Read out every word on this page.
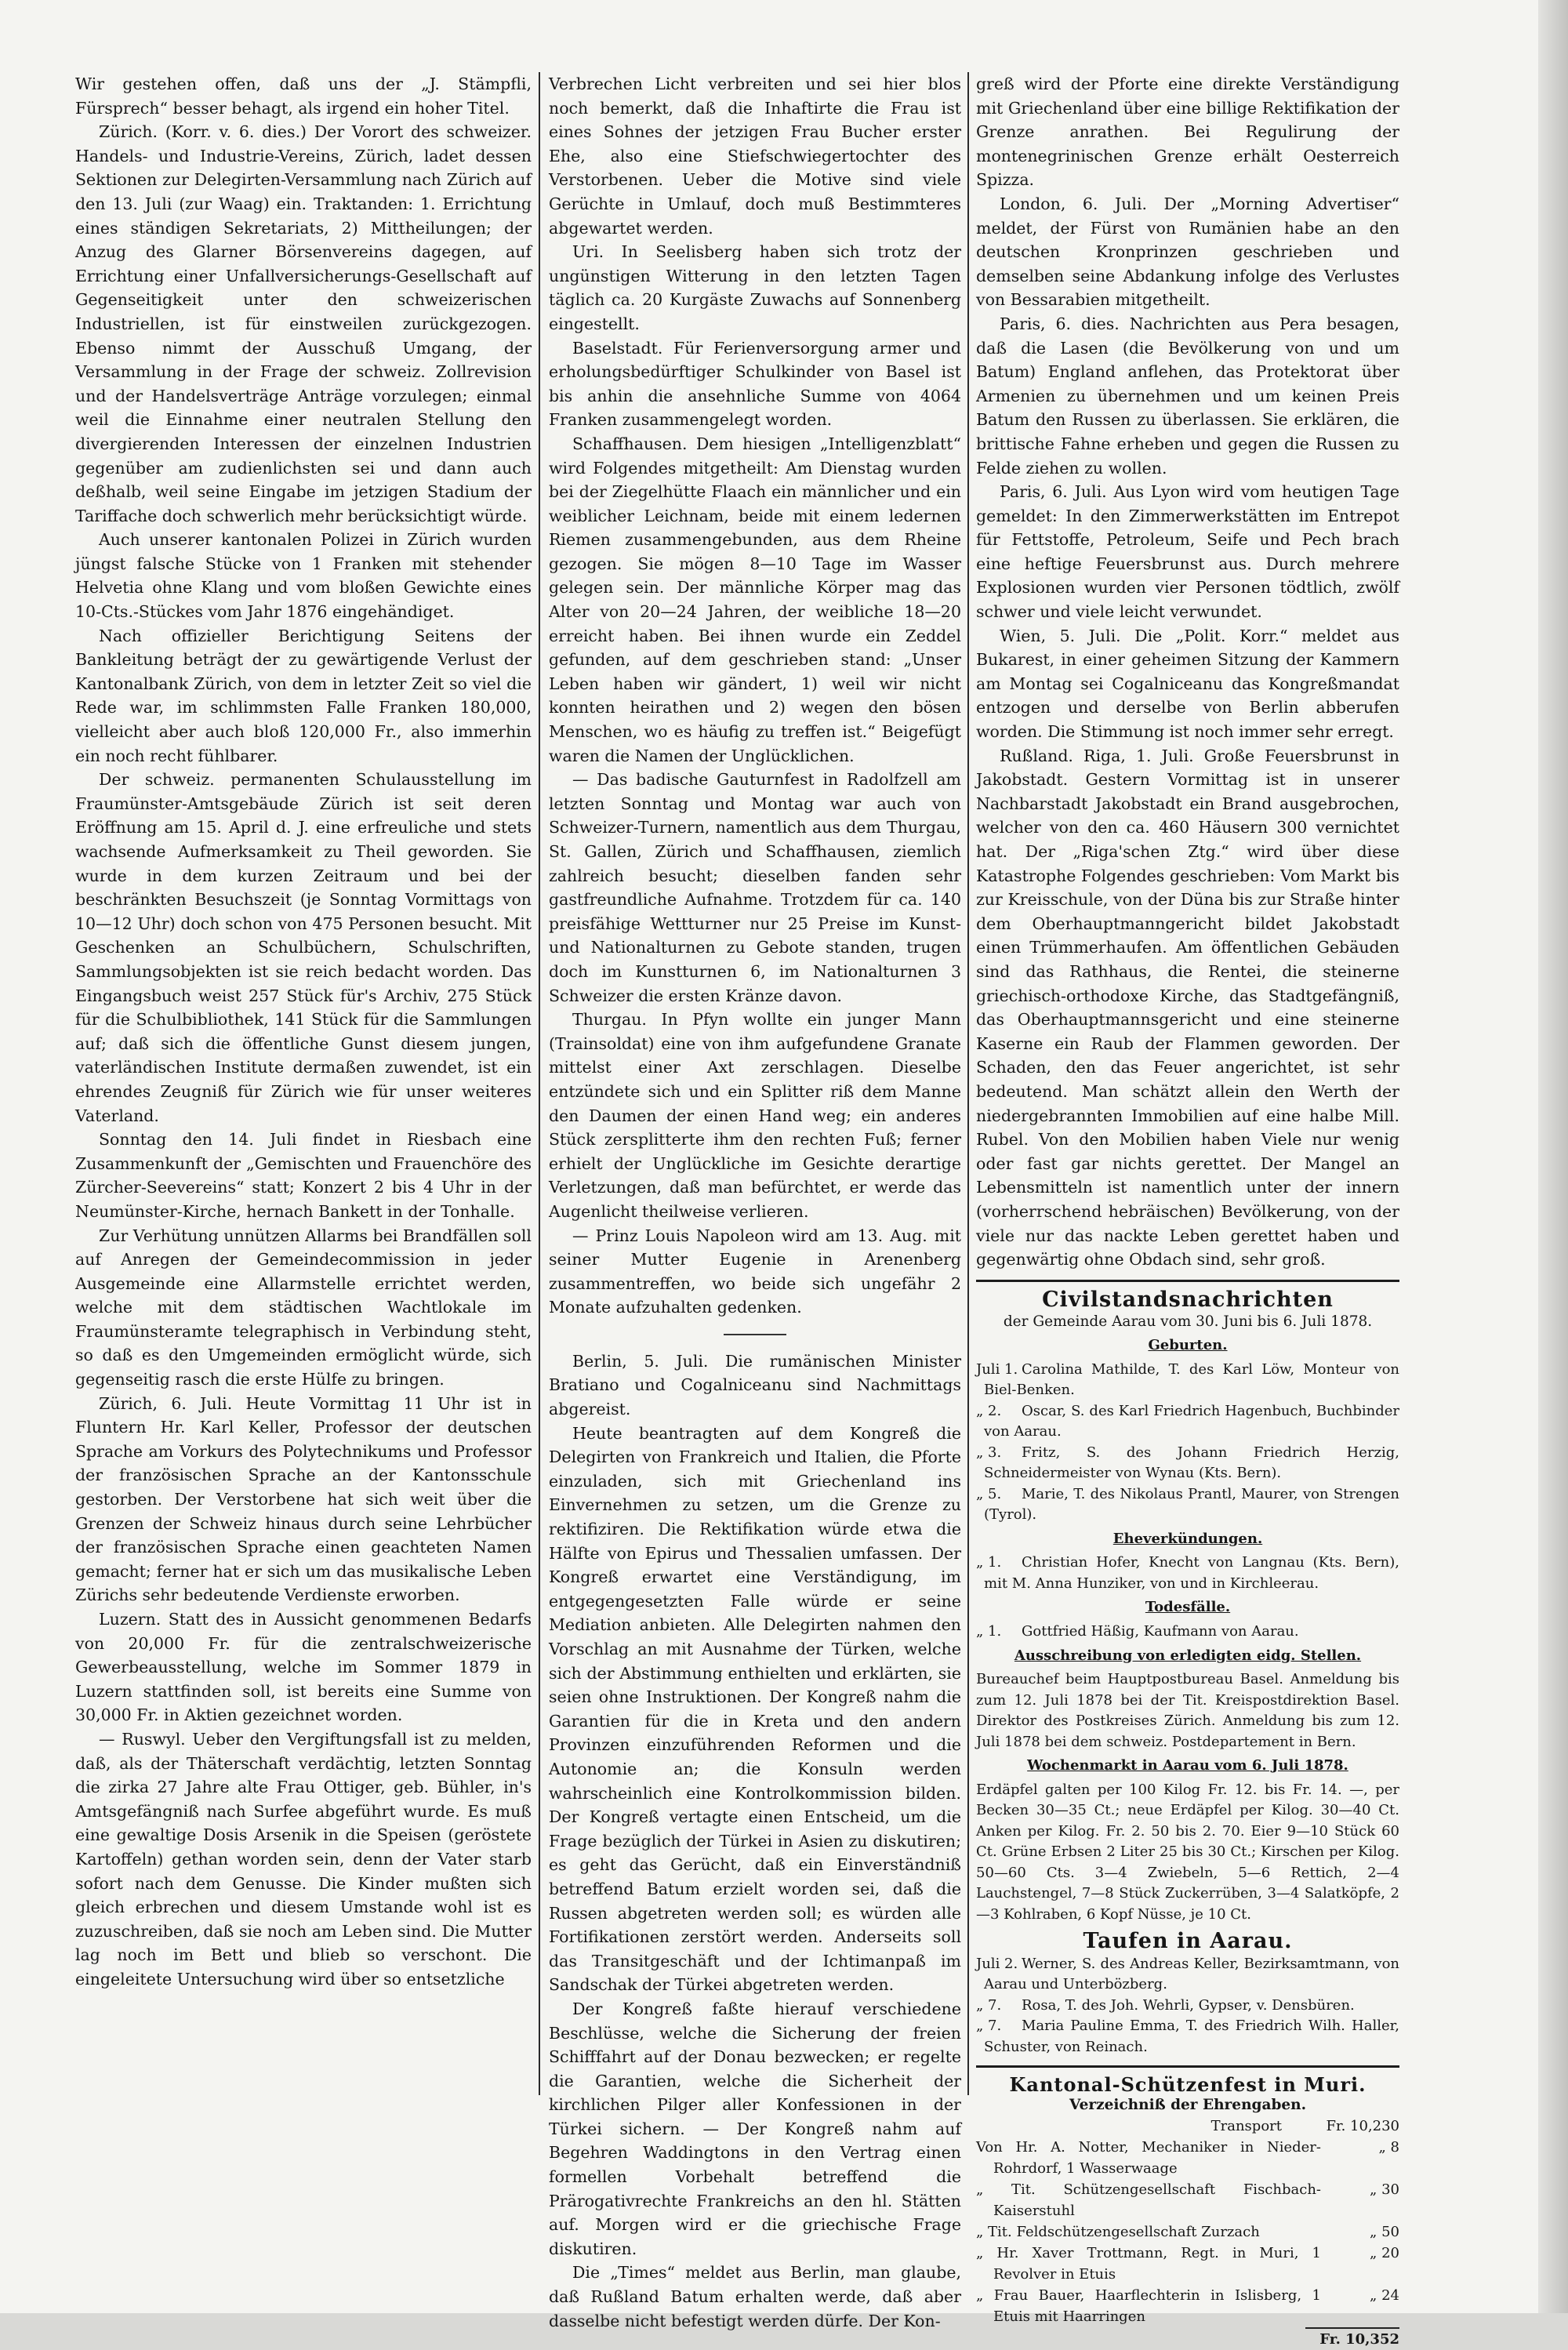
Wir gestehen offen, daß uns der „J. Stämpfli, Fürsprech“ besser behagt, als irgend ein hoher Titel.

Zürich. (Korr. v. 6. dies.) Der Vorort des schweizer. Handels- und Industrie-Vereins, Zürich, ladet dessen Sektionen zur Delegirten-Versammlung nach Zürich auf den 13. Juli (zur Waag) ein. Traktanden: 1. Errichtung eines ständigen Sekretariats, 2) Mittheilungen; der Anzug des Glarner Börsenvereins dagegen, auf Errichtung einer Unfallversicherungs-Gesellschaft auf Gegenseitigkeit unter den schweizerischen Industriellen, ist für einstweilen zurückgezogen. Ebenso nimmt der Ausschuß Umgang, der Versammlung in der Frage der schweiz. Zollrevision und der Handelsverträge Anträge vorzulegen; einmal weil die Einnahme einer neutralen Stellung den divergierenden Interessen der einzelnen Industrien gegenüber am zudienlichsten sei und dann auch deßhalb, weil seine Eingabe im jetzigen Stadium der Tariffache doch schwerlich mehr berücksichtigt würde.

Auch unserer kantonalen Polizei in Zürich wurden jüngst falsche Stücke von 1 Franken mit stehender Helvetia ohne Klang und vom bloßen Gewichte eines 10-Cts.-Stückes vom Jahr 1876 eingehändiget.

Nach offizieller Berichtigung Seitens der Bankleitung beträgt der zu gewärtigende Verlust der Kantonalbank Zürich, von dem in letzter Zeit so viel die Rede war, im schlimmsten Falle Franken 180,000, vielleicht aber auch bloß 120,000 Fr., also immerhin ein noch recht fühlbarer.

Der schweiz. permanenten Schulausstellung im Fraumünster-Amtsgebäude Zürich ist seit deren Eröffnung am 15. April d. J. eine erfreuliche und stets wachsende Aufmerksamkeit zu Theil geworden. Sie wurde in dem kurzen Zeitraum und bei der beschränkten Besuchszeit (je Sonntag Vormittags von 10—12 Uhr) doch schon von 475 Personen besucht. Mit Geschenken an Schulbüchern, Schulschriften, Sammlungsobjekten ist sie reich bedacht worden. Das Eingangsbuch weist 257 Stück für's Archiv, 275 Stück für die Schulbibliothek, 141 Stück für die Sammlungen auf; daß sich die öffentliche Gunst diesem jungen, vaterländischen Institute dermaßen zuwendet, ist ein ehrendes Zeugniß für Zürich wie für unser weiteres Vaterland.

Sonntag den 14. Juli findet in Riesbach eine Zusammenkunft der „Gemischten und Frauenchöre des Zürcher-Seevereins“ statt; Konzert 2 bis 4 Uhr in der Neumünster-Kirche, hernach Bankett in der Tonhalle.

Zur Verhütung unnützen Allarms bei Brandfällen soll auf Anregen der Gemeindecommission in jeder Ausgemeinde eine Allarmstelle errichtet werden, welche mit dem städtischen Wachtlokale im Fraumünsteramte telegraphisch in Verbindung steht, so daß es den Umgemeinden ermöglicht würde, sich gegenseitig rasch die erste Hülfe zu bringen.

Zürich, 6. Juli. Heute Vormittag 11 Uhr ist in Fluntern Hr. Karl Keller, Professor der deutschen Sprache am Vorkurs des Polytechnikums und Professor der französischen Sprache an der Kantonsschule gestorben. Der Verstorbene hat sich weit über die Grenzen der Schweiz hinaus durch seine Lehrbücher der französischen Sprache einen geachteten Namen gemacht; ferner hat er sich um das musikalische Leben Zürichs sehr bedeutende Verdienste erworben.

Luzern. Statt des in Aussicht genommenen Bedarfs von 20,000 Fr. für die zentralschweizerische Gewerbeausstellung, welche im Sommer 1879 in Luzern stattfinden soll, ist bereits eine Summe von 30,000 Fr. in Aktien gezeichnet worden.

— Ruswyl. Ueber den Vergiftungsfall ist zu melden, daß, als der Thäterschaft verdächtig, letzten Sonntag die zirka 27 Jahre alte Frau Ottiger, geb. Bühler, in's Amtsgefängniß nach Surfee abgeführt wurde. Es muß eine gewaltige Dosis Arsenik in die Speisen (geröstete Kartoffeln) gethan worden sein, denn der Vater starb sofort nach dem Genusse. Die Kinder mußten sich gleich erbrechen und diesem Umstande wohl ist es zuzuschreiben, daß sie noch am Leben sind. Die Mutter lag noch im Bett und blieb so verschont. Die eingeleitete Untersuchung wird über so entsetzliche

Verbrechen Licht verbreiten und sei hier blos noch bemerkt, daß die Inhaftirte die Frau ist eines Sohnes der jetzigen Frau Bucher erster Ehe, also eine Stiefschwiegertochter des Verstorbenen. Ueber die Motive sind viele Gerüchte in Umlauf, doch muß Bestimmteres abgewartet werden.

Uri. In Seelisberg haben sich trotz der ungünstigen Witterung in den letzten Tagen täglich ca. 20 Kurgäste Zuwachs auf Sonnenberg eingestellt.

Baselstadt. Für Ferienversorgung armer und erholungsbedürftiger Schulkinder von Basel ist bis anhin die ansehnliche Summe von 4064 Franken zusammengelegt worden.

Schaffhausen. Dem hiesigen „Intelligenzblatt“ wird Folgendes mitgetheilt: Am Dienstag wurden bei der Ziegelhütte Flaach ein männlicher und ein weiblicher Leichnam, beide mit einem ledernen Riemen zusammengebunden, aus dem Rheine gezogen. Sie mögen 8—10 Tage im Wasser gelegen sein. Der männliche Körper mag das Alter von 20—24 Jahren, der weibliche 18—20 erreicht haben. Bei ihnen wurde ein Zeddel gefunden, auf dem geschrieben stand: „Unser Leben haben wir gändert, 1) weil wir nicht konnten heirathen und 2) wegen den bösen Menschen, wo es häufig zu treffen ist.“ Beigefügt waren die Namen der Unglücklichen.

— Das badische Gauturnfest in Radolfzell am letzten Sonntag und Montag war auch von Schweizer-Turnern, namentlich aus dem Thurgau, St. Gallen, Zürich und Schaffhausen, ziemlich zahlreich besucht; dieselben fanden sehr gastfreundliche Aufnahme. Trotzdem für ca. 140 preisfähige Wettturner nur 25 Preise im Kunst- und Nationalturnen zu Gebote standen, trugen doch im Kunstturnen 6, im Nationalturnen 3 Schweizer die ersten Kränze davon.

Thurgau. In Pfyn wollte ein junger Mann (Trainsoldat) eine von ihm aufgefundene Granate mittelst einer Axt zerschlagen. Dieselbe entzündete sich und ein Splitter riß dem Manne den Daumen der einen Hand weg; ein anderes Stück zersplitterte ihm den rechten Fuß; ferner erhielt der Unglückliche im Gesichte derartige Verletzungen, daß man befürchtet, er werde das Augenlicht theilweise verlieren.

— Prinz Louis Napoleon wird am 13. Aug. mit seiner Mutter Eugenie in Arenenberg zusammentreffen, wo beide sich ungefähr 2 Monate aufzuhalten gedenken.

Berlin, 5. Juli. Die rumänischen Minister Bratiano und Cogalniceanu sind Nachmittags abgereist.

Heute beantragten auf dem Kongreß die Delegirten von Frankreich und Italien, die Pforte einzuladen, sich mit Griechenland ins Einvernehmen zu setzen, um die Grenze zu rektifiziren. Die Rektifikation würde etwa die Hälfte von Epirus und Thessalien umfassen. Der Kongreß erwartet eine Verständigung, im entgegengesetzten Falle würde er seine Mediation anbieten. Alle Delegirten nahmen den Vorschlag an mit Ausnahme der Türken, welche sich der Abstimmung enthielten und erklärten, sie seien ohne Instruktionen. Der Kongreß nahm die Garantien für die in Kreta und den andern Provinzen einzuführenden Reformen und die Autonomie an; die Konsuln werden wahrscheinlich eine Kontrolkommission bilden. Der Kongreß vertagte einen Entscheid, um die Frage bezüglich der Türkei in Asien zu diskutiren; es geht das Gerücht, daß ein Einverständniß betreffend Batum erzielt worden sei, daß die Russen abgetreten werden soll; es würden alle Fortifikationen zerstört werden. Anderseits soll das Transitgeschäft und der Ichtimanpaß im Sandschak der Türkei abgetreten werden.

Der Kongreß faßte hierauf verschiedene Beschlüsse, welche die Sicherung der freien Schifffahrt auf der Donau bezwecken; er regelte die Garantien, welche die Sicherheit der kirchlichen Pilger aller Konfessionen in der Türkei sichern. — Der Kongreß nahm auf Begehren Waddingtons in den Vertrag einen formellen Vorbehalt betreffend die Prärogativrechte Frankreichs an den hl. Stätten auf. Morgen wird er die griechische Frage diskutiren.

Die „Times“ meldet aus Berlin, man glaube, daß Rußland Batum erhalten werde, daß aber dasselbe nicht befestigt werden dürfe. Der Kon-

greß wird der Pforte eine direkte Verständigung mit Griechenland über eine billige Rektifikation der Grenze anrathen. Bei Regulirung der montenegrinischen Grenze erhält Oesterreich Spizza.

London, 6. Juli. Der „Morning Advertiser“ meldet, der Fürst von Rumänien habe an den deutschen Kronprinzen geschrieben und demselben seine Abdankung infolge des Verlustes von Bessarabien mitgetheilt.

Paris, 6. dies. Nachrichten aus Pera besagen, daß die Lasen (die Bevölkerung von und um Batum) England anflehen, das Protektorat über Armenien zu übernehmen und um keinen Preis Batum den Russen zu überlassen. Sie erklären, die brittische Fahne erheben und gegen die Russen zu Felde ziehen zu wollen.

Paris, 6. Juli. Aus Lyon wird vom heutigen Tage gemeldet: In den Zimmerwerkstätten im Entrepot für Fettstoffe, Petroleum, Seife und Pech brach eine heftige Feuersbrunst aus. Durch mehrere Explosionen wurden vier Personen tödtlich, zwölf schwer und viele leicht verwundet.

Wien, 5. Juli. Die „Polit. Korr.“ meldet aus Bukarest, in einer geheimen Sitzung der Kammern am Montag sei Cogalniceanu das Kongreßmandat entzogen und derselbe von Berlin abberufen worden. Die Stimmung ist noch immer sehr erregt.

Rußland. Riga, 1. Juli. Große Feuersbrunst in Jakobstadt. Gestern Vormittag ist in unserer Nachbarstadt Jakobstadt ein Brand ausgebrochen, welcher von den ca. 460 Häusern 300 vernichtet hat. Der „Riga'schen Ztg.“ wird über diese Katastrophe Folgendes geschrieben: Vom Markt bis zur Kreisschule, von der Düna bis zur Straße hinter dem Oberhauptmanngericht bildet Jakobstadt einen Trümmerhaufen. Am öffentlichen Gebäuden sind das Rathhaus, die Rentei, die steinerne griechisch-orthodoxe Kirche, das Stadtgefängniß, das Oberhauptmannsgericht und eine steinerne Kaserne ein Raub der Flammen geworden. Der Schaden, den das Feuer angerichtet, ist sehr bedeutend. Man schätzt allein den Werth der niedergebrannten Immobilien auf eine halbe Mill. Rubel. Von den Mobilien haben Viele nur wenig oder fast gar nichts gerettet. Der Mangel an Lebensmitteln ist namentlich unter der innern (vorherrschend hebräischen) Bevölkerung, von der viele nur das nackte Leben gerettet haben und gegenwärtig ohne Obdach sind, sehr groß.

Civilstandsnachrichten
der Gemeinde Aarau vom 30. Juni bis 6. Juli 1878.
Geburten.
Juli 1. Carolina Mathilde, T. des Karl Löw, Monteur von Biel-Benken.
„ 2. Oscar, S. des Karl Friedrich Hagenbuch, Buchbinder von Aarau.
„ 3. Fritz, S. des Johann Friedrich Herzig, Schneidermeister von Wynau (Kts. Bern).
„ 5. Marie, T. des Nikolaus Prantl, Maurer, von Strengen (Tyrol).
Eheverkündungen.
„ 1. Christian Hofer, Knecht von Langnau (Kts. Bern), mit M. Anna Hunziker, von und in Kirchleerau.
Todesfälle.
„ 1. Gottfried Häßig, Kaufmann von Aarau.
Ausschreibung von erledigten eidg. Stellen.

Bureauchef beim Hauptpostbureau Basel. Anmeldung bis zum 12. Juli 1878 bei der Tit. Kreispostdirektion Basel. Direktor des Postkreises Zürich. Anmeldung bis zum 12. Juli 1878 bei dem schweiz. Postdepartement in Bern.

Wochenmarkt in Aarau vom 6. Juli 1878.

Erdäpfel galten per 100 Kilog Fr. 12. bis Fr. 14. —, per Becken 30—35 Ct.; neue Erdäpfel per Kilog. 30—40 Ct. Anken per Kilog. Fr. 2. 50 bis 2. 70. Eier 9—10 Stück 60 Ct. Grüne Erbsen 2 Liter 25 bis 30 Ct.; Kirschen per Kilog. 50—60 Cts. 3—4 Zwiebeln, 5—6 Rettich, 2—4 Lauchstengel, 7—8 Stück Zuckerrüben, 3—4 Salatköpfe, 2—3 Kohlraben, 6 Kopf Nüsse, je 10 Ct.

Taufen in Aarau.
Juli 2. Werner, S. des Andreas Keller, Bezirksamtmann, von Aarau und Unterbözberg.
„ 7. Rosa, T. des Joh. Wehrli, Gypser, v. Densbüren.
„ 7. Maria Pauline Emma, T. des Friedrich Wilh. Haller, Schuster, von Reinach.
Kantonal-Schützenfest in Muri.
Verzeichniß der Ehrengaben.
Transport	Fr. 10,230
Von Hr. A. Notter, Mechaniker in Nieder-Rohrdorf, 1 Wasserwaage
„ 8
„ Tit. Schützengesellschaft Fischbach-Kaiserstuhl
„ 30
„ Tit. Feldschützengesellschaft Zurzach	„ 50
„ Hr. Xaver Trottmann, Regt. in Muri, 1 Revolver in Etuis
„ 20
„ Frau Bauer, Haarflechterin in Islisberg, 1 Etuis mit Haarringen
„ 24
Fr. 10,352
